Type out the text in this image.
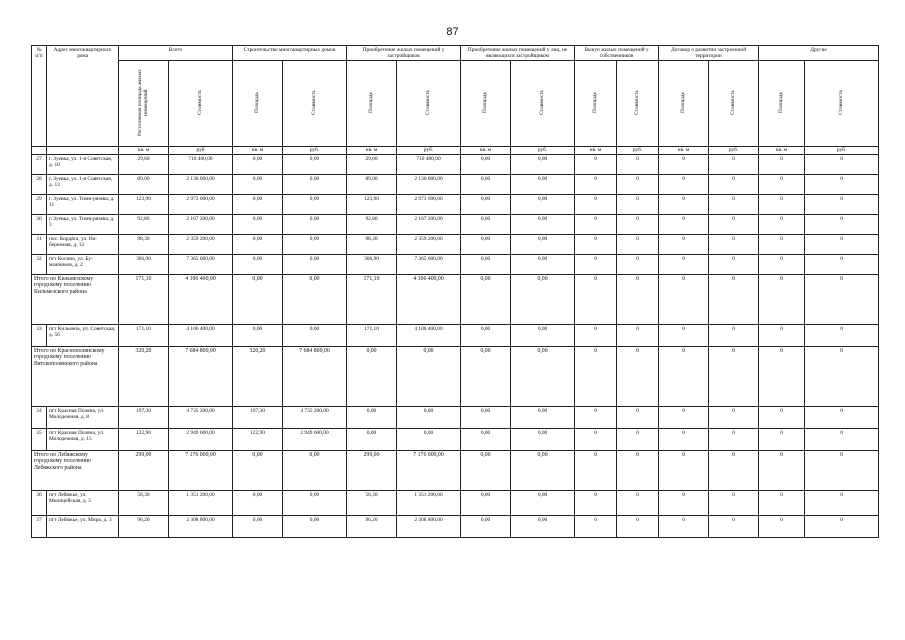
87
№ п/п	Адрес многоквартирного дома	Всего		Строительство многоквартирных домов		Приобретение жилых помещений у застройщиков		Приобретение жилых помещений у лиц, не являющихся застройщиком		Выкуп жилых помещений у собственников		Договор о развитии застроенной территории		Другие	
		Расселяемая площадь жилых помещений	Стоимость	Площадь	Стоимость	Площадь	Стоимость	Площадь	Стоимость	Площадь	Стоимость	Площадь	Стоимость	Площадь	Стоимость
		кв. м	руб	кв. м	руб.	кв. м	руб.	кв. м	руб.	кв. м	руб.	кв. м	руб.	кв. м	руб.
27	г. Зуевка, ул. 1-я Советская, д. 10	29,60	710 400,00	0,00	0,00	29,60	710 400,00	0,00	0,00	0	0	0	0	0	0
28	г. Зуевка, ул. 1-я Советская, д. 13	89,00	2 136 000,00	0,00	0,00	89,00	2 136 000,00	0,00	0,00	0	0	0	0	0	0
29	г. Зуевка, ул. Тими-рязева, д. 11	123,90	2 973 600,00	0,00	0,00	123,90	2 973 600,00	0,00	0,00	0	0	0	0	0	0
30	г. Зуевка, ул. Тими-рязева, д. 3	92,80	2 167 200,00	0,00	0,00	92,80	2 167 200,00	0,00	0,00	0	0	0	0	0	0
31	пос. Кордяга, ул. На-бережная, д. 12	98,30	2 359 200,00	0,00	0,00	98,30	2 359 200,00	0,00	0,00	0	0	0	0	0	0
32	пгт Косино, ул. Бу-мажников, д. 2	306,90	7 365 600,00	0,00	0,00	306,90	7 365 600,00	0,00	0,00	0	0	0	0	0	0
Итого по Кильмезскому городскому поселению Кильмезского района		171,10	4 106 400,00	0,00	0,00	171,10	4 106 400,00	0,00	0,00	0	0	0	0	0	0
33	пгт Кильмезь, ул. Советская, д. 56	171,10	4 106 400,00	0,00	0,00	171,10	4 106 400,00	0,00	0,00	0	0	0	0	0	0
Итого по Краснополянскому городскому поселению Вятскополянского района		320,20	7 684 800,00	320,20	7 684 800,00	0,00	0,00	0,00	0,00	0	0	0	0	0	0
34	пгт Красная Поляна, ул. Молодежная, д. 8	197,30	4 735 200,00	197,30	4 735 200,00	0,00	0,00	0,00	0,00	0	0	0	0	0	0
35	пгт Красная Поляна, ул. Молодежная, д. 15	122,90	2 949 600,00	122,90	2 949 600,00	0,00	0,00	0,00	0,00	0	0	0	0	0	0
Итого по Лебяжскому городскому поселению Лебяжского района		299,00	7 176 000,00	0,00	0,00	299,00	7 176 000,00	0,00	0,00	0	0	0	0	0	0
36	пгт Лебяжье, ул. Милицейская, д. 5	56,30	1 351 200,00	0,00	0,00	56,30	1 351 200,00	0,00	0,00	0	0	0	0	0	0
37	пгт Лебяжье, ул. Мира, д. 3	96,20	2 308 800,00	0,00	0,00	96,20	2 308 800,00	0,00	0,00	0	0	0	0	0	0
